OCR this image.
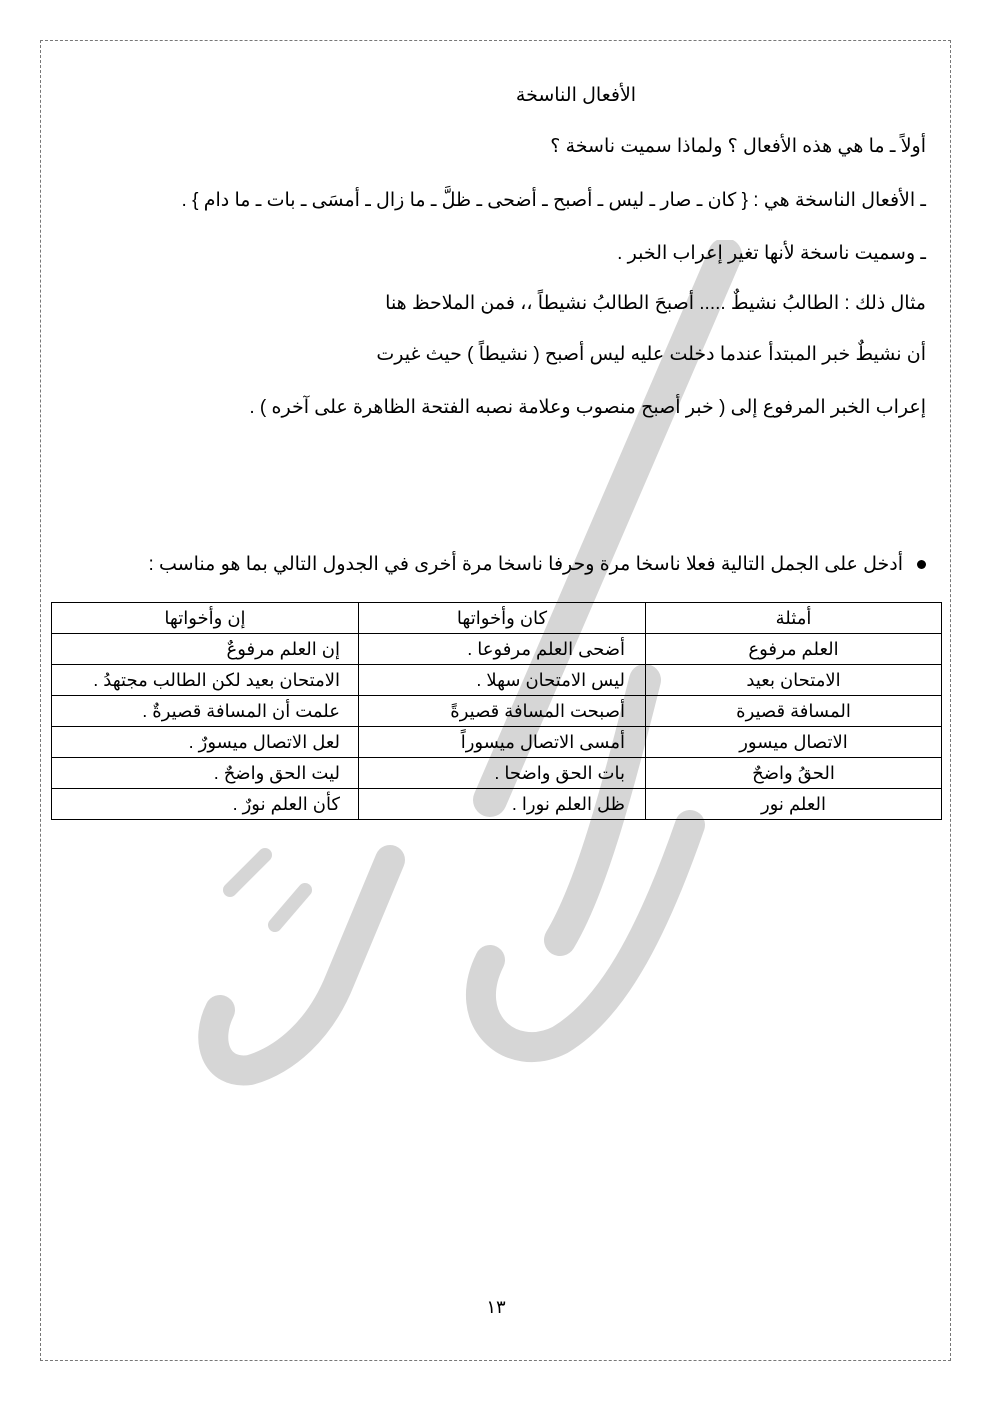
الأفعال الناسخة
أولاً ـ ما هي هذه الأفعال ؟ ولماذا سميت ناسخة ؟
ـ الأفعال الناسخة هي : { كان ـ صار ـ ليس ـ أصبح ـ أضحى ـ ظلَّ ـ ما زال ـ أمسَى ـ بات ـ ما دام } .
ـ وسميت ناسخة لأنها تغير إعراب الخبر .
مثال ذلك : الطالبُ نشيطٌ ..... أصبحَ الطالبُ نشيطاً ،، فمن الملاحظ هنا
أن نشيطٌ خبر المبتدأ عندما دخلت عليه ليس أصبح ( نشيطاً ) حيث غيرت
إعراب الخبر المرفوع إلى ( خبر أصبح منصوب وعلامة نصبه الفتحة الظاهرة على آخره ) .
أدخل على الجمل التالية فعلا ناسخا مرة وحرفا ناسخا مرة أخرى في الجدول التالي بما هو مناسب :
أمثلة	كان وأخواتها	إن وأخواتها
العلم مرفوع	أضحى العلم مرفوعا .	إن العلم مرفوعٌ
الامتحان بعيد	ليس الامتحان سهلا .	الامتحان بعيد لكن الطالب مجتهدُ .
المسافة قصيرة	أصبحت المسافة قصيرةً	علمت أن المسافة قصيرةٌ .
الاتصال ميسور	أمسى الاتصال ميسوراً	لعل الاتصال ميسورٌ .
الحقُ واضحٌ	بات الحق واضحا .	ليت الحق واضحٌ .
العلم نور	ظل العلم نورا .	كأن العلم نورٌ .
١٣
